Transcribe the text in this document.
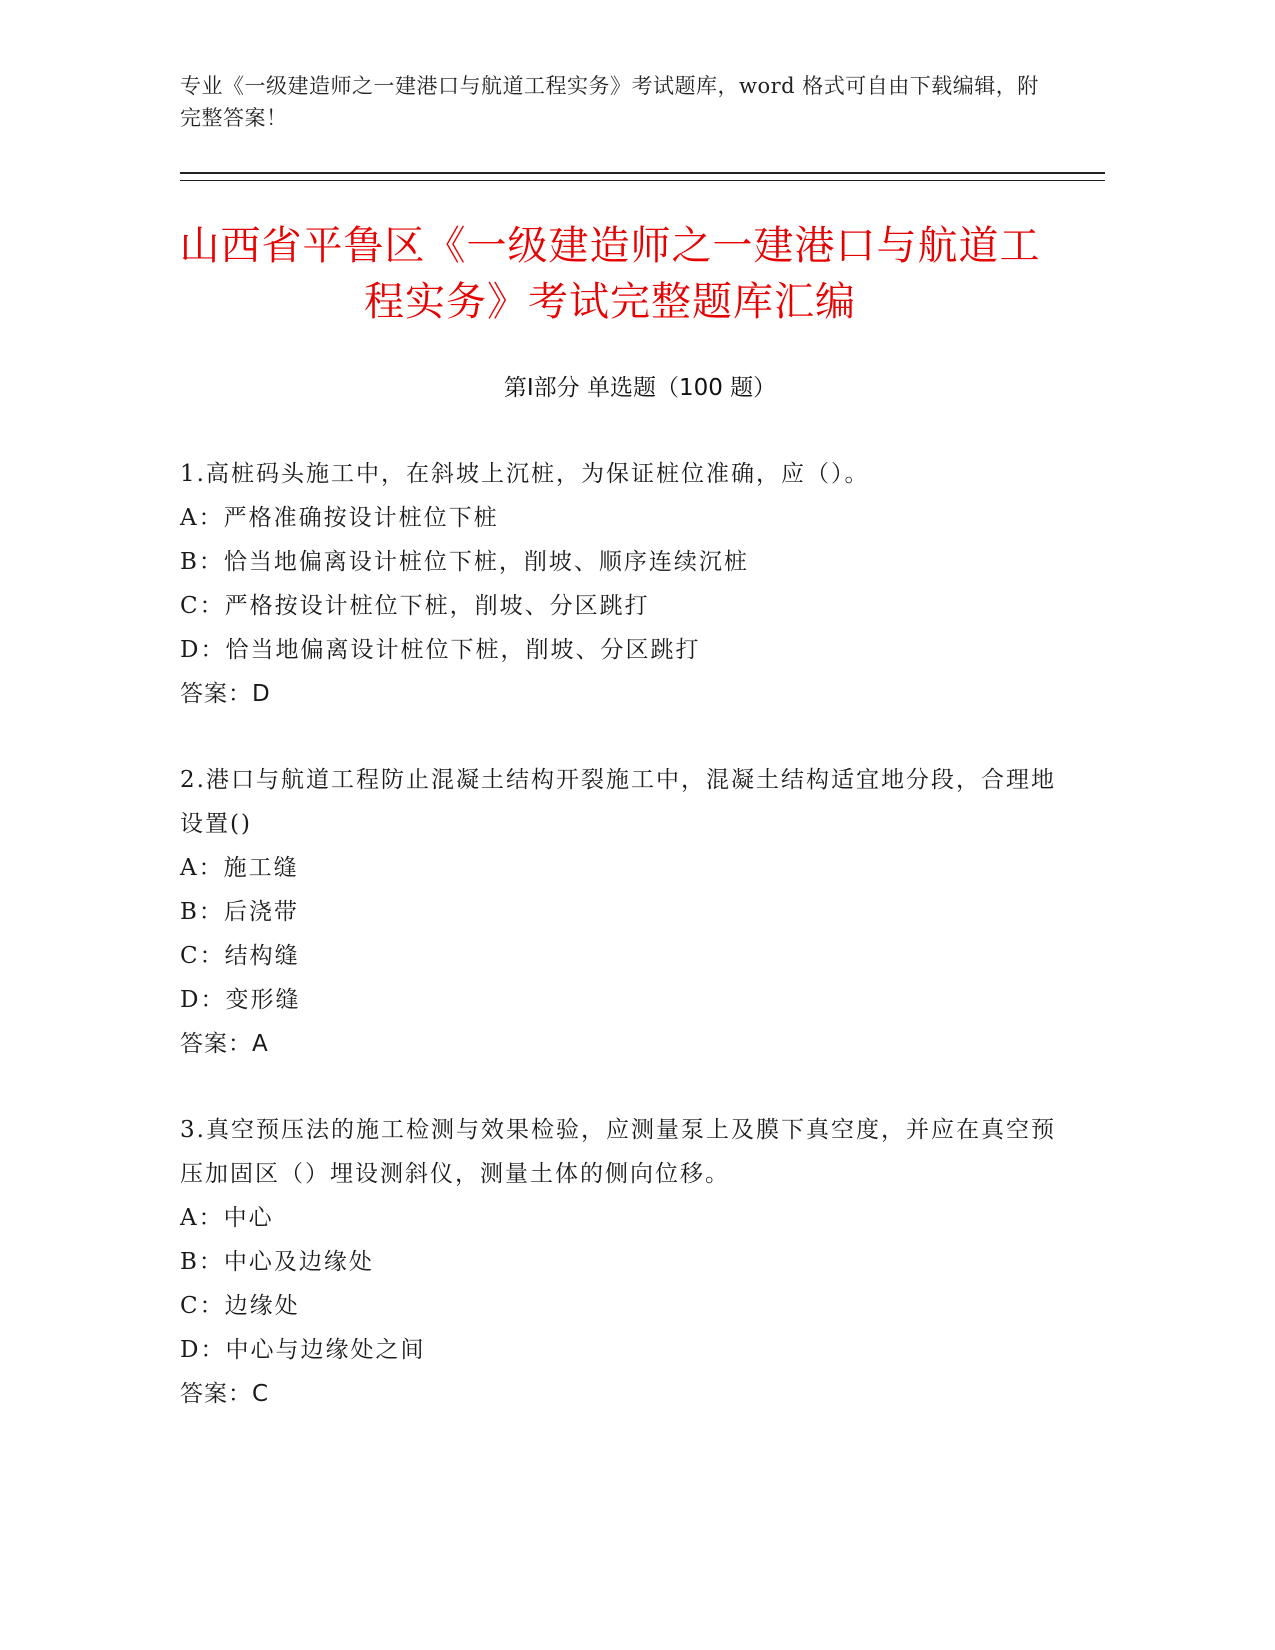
专业《一级建造师之一建港口与航道工程实务》考试题库，word 格式可自由下载编辑，附完整答案！
山西省平鲁区《一级建造师之一建港口与航道工程实务》考试完整题库汇编
第Ⅰ部分 单选题（100 题）
1.高桩码头施工中，在斜坡上沉桩，为保证桩位准确，应（）。
A：严格准确按设计桩位下桩
B：恰当地偏离设计桩位下桩，削坡、顺序连续沉桩
C：严格按设计桩位下桩，削坡、分区跳打
D：恰当地偏离设计桩位下桩，削坡、分区跳打
答案：D
2.港口与航道工程防止混凝土结构开裂施工中，混凝土结构适宜地分段，合理地设置()
A：施工缝
B：后浇带
C：结构缝
D：变形缝
答案：A
3.真空预压法的施工检测与效果检验，应测量泵上及膜下真空度，并应在真空预压加固区（）埋设测斜仪，测量土体的侧向位移。
A：中心
B：中心及边缘处
C：边缘处
D：中心与边缘处之间
答案：C
